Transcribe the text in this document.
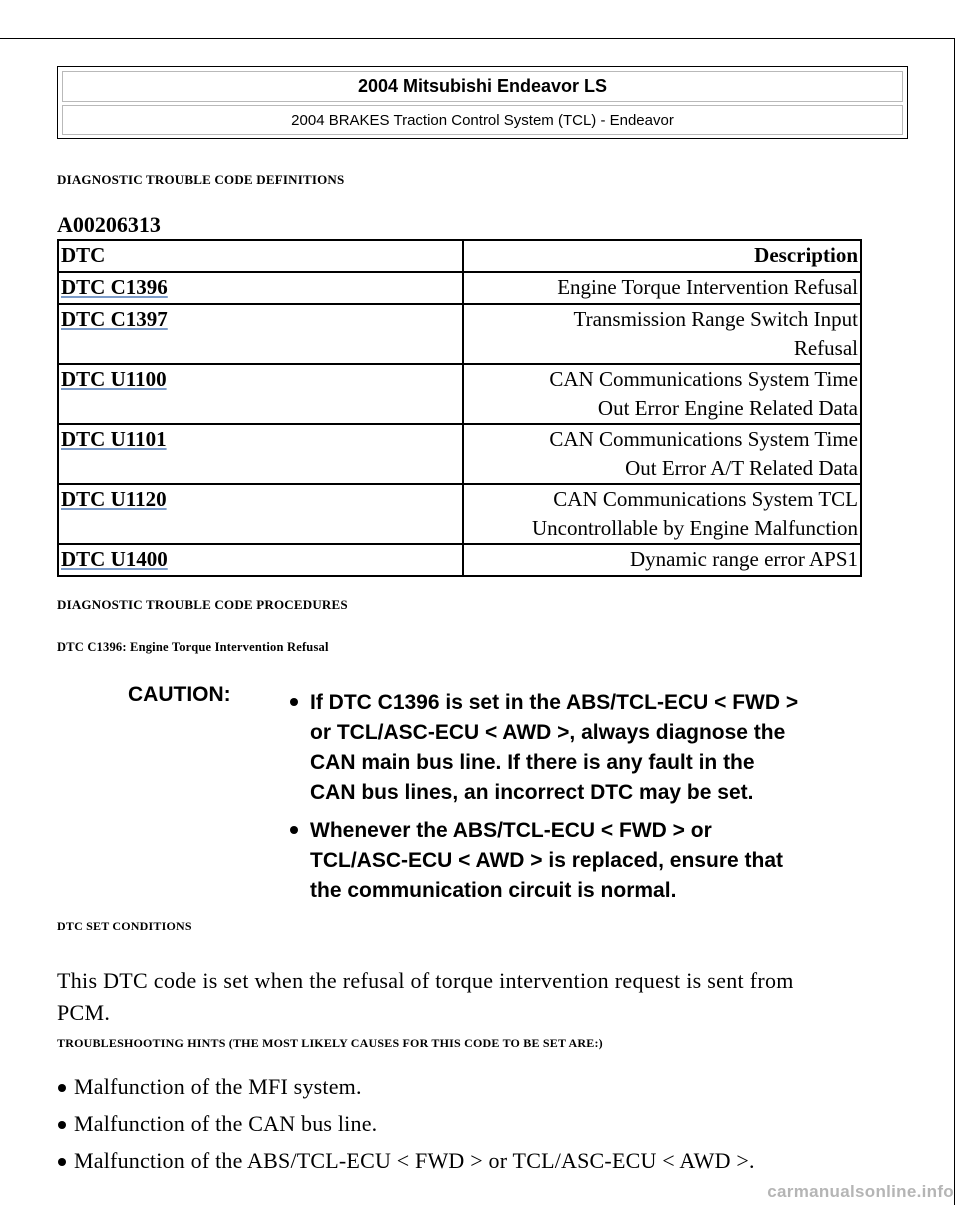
2004 Mitsubishi Endeavor LS
2004 BRAKES Traction Control System (TCL) - Endeavor
DIAGNOSTIC TROUBLE CODE DEFINITIONS
A00206313
DTC	Description
DTC C1396	Engine Torque Intervention Refusal
DTC C1397	Transmission Range Switch Input
Refusal
DTC U1100	CAN Communications System Time
Out Error Engine Related Data
DTC U1101	CAN Communications System Time
Out Error A/T Related Data
DTC U1120	CAN Communications System TCL
Uncontrollable by Engine Malfunction
DTC U1400	Dynamic range error APS1
DIAGNOSTIC TROUBLE CODE PROCEDURES
DTC C1396: Engine Torque Intervention Refusal
CAUTION:	If DTC C1396 is set in the ABS/TCL-ECU < FWD >
or TCL/ASC-ECU < AWD >, always diagnose the
CAN main bus line. If there is any fault in the
CAN bus lines, an incorrect DTC may be set.
Whenever the ABS/TCL-ECU < FWD > or
TCL/ASC-ECU < AWD > is replaced, ensure that
the communication circuit is normal.
DTC SET CONDITIONS
This DTC code is set when the refusal of torque intervention request is sent from
PCM.
TROUBLESHOOTING HINTS (THE MOST LIKELY CAUSES FOR THIS CODE TO BE SET ARE:)
Malfunction of the MFI system.
Malfunction of the CAN bus line.
Malfunction of the ABS/TCL-ECU < FWD > or TCL/ASC-ECU < AWD >.
carmanualsonline.info
